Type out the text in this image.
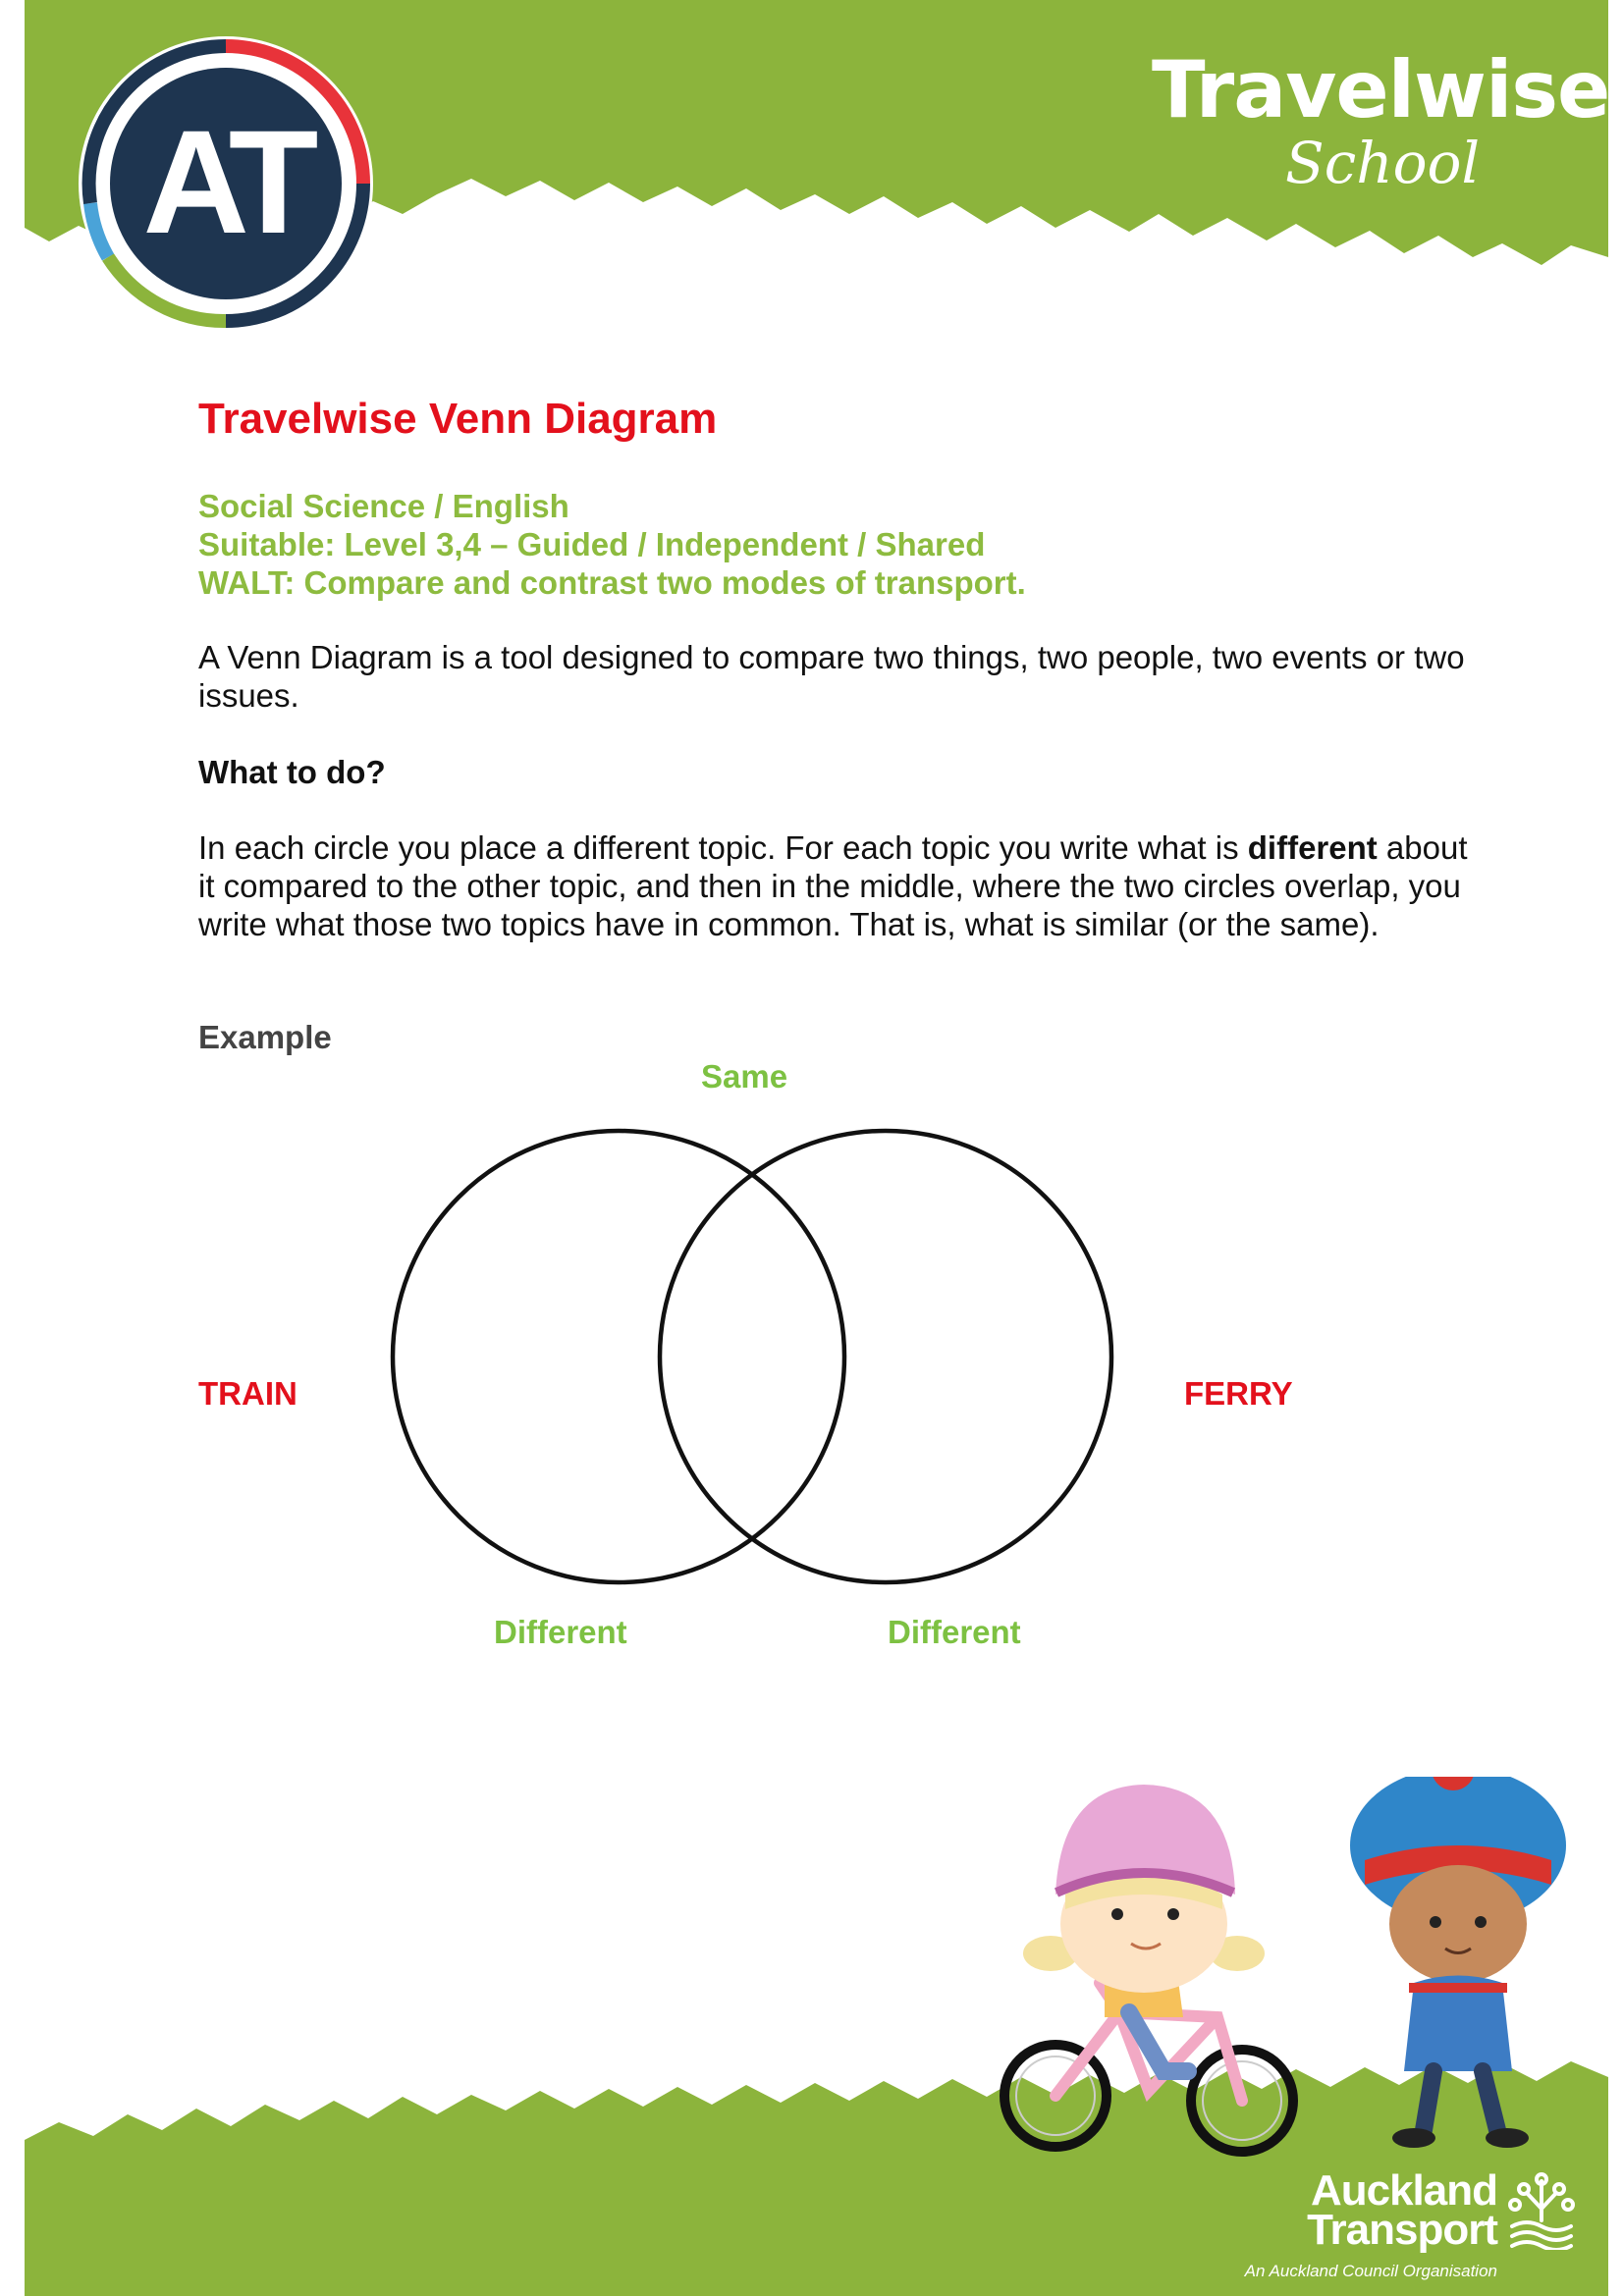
AT
Travelwise
School
Travelwise Venn Diagram
Social Science / English
Suitable: Level 3,4 – Guided / Independent / Shared
WALT: Compare and contrast two modes of transport.

A Venn Diagram is a tool designed to compare two things, two people, two events or two issues.

What to do?

In each circle you place a different topic. For each topic you write what is different about it compared to the other topic, and then in the middle, where the two circles overlap, you write what those two topics have in common. That is, what is similar (or the same).

Example
Same
TRAIN	FERRY
Different	Different
Auckland
Transport
An Auckland Council Organisation
